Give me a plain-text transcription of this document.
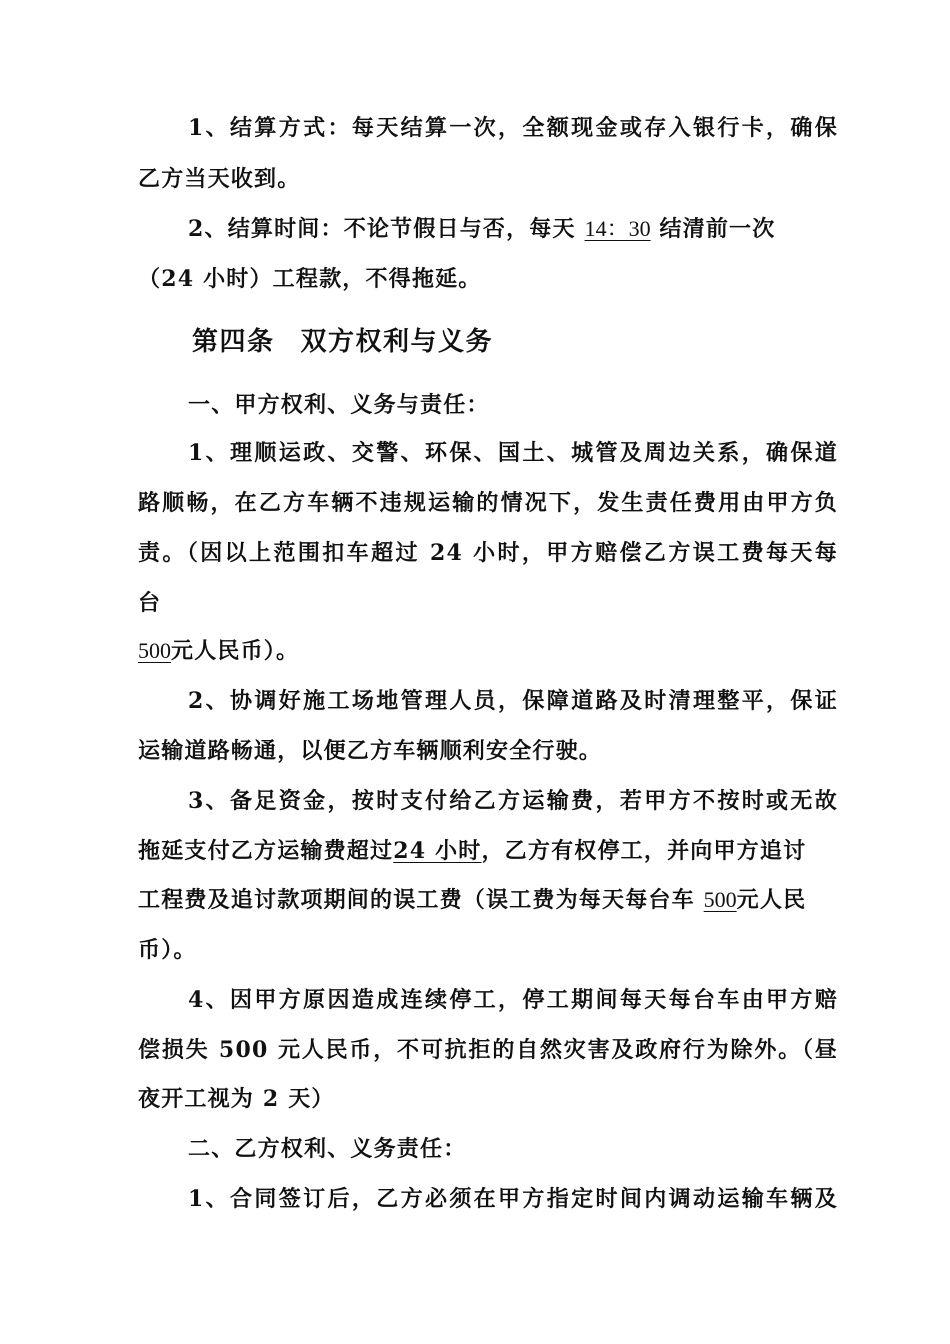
1、结算方式：每天结算一次，全额现金或存入银行卡，确保
乙方当天收到。
2、结算时间：不论节假日与否，每天 14：30 结清前一次
（24 小时）工程款，不得拖延。
第四条 双方权利与义务
一、甲方权利、义务与责任：
1、理顺运政、交警、环保、国土、城管及周边关系，确保道
路顺畅，在乙方车辆不违规运输的情况下，发生责任费用由甲方负
责。（因以上范围扣车超过 24 小时，甲方赔偿乙方误工费每天每
台
500元人民币）。
2、协调好施工场地管理人员，保障道路及时清理整平，保证
运输道路畅通，以便乙方车辆顺利安全行驶。
3、备足资金，按时支付给乙方运输费，若甲方不按时或无故
拖延支付乙方运输费超过24 小时，乙方有权停工，并向甲方追讨
工程费及追讨款项期间的误工费（误工费为每天每台车 500元人民
币）。
4、因甲方原因造成连续停工，停工期间每天每台车由甲方赔
偿损失 500 元人民币，不可抗拒的自然灾害及政府行为除外。（昼
夜开工视为 2 天）
二、乙方权利、义务责任：
1、合同签订后，乙方必须在甲方指定时间内调动运输车辆及
